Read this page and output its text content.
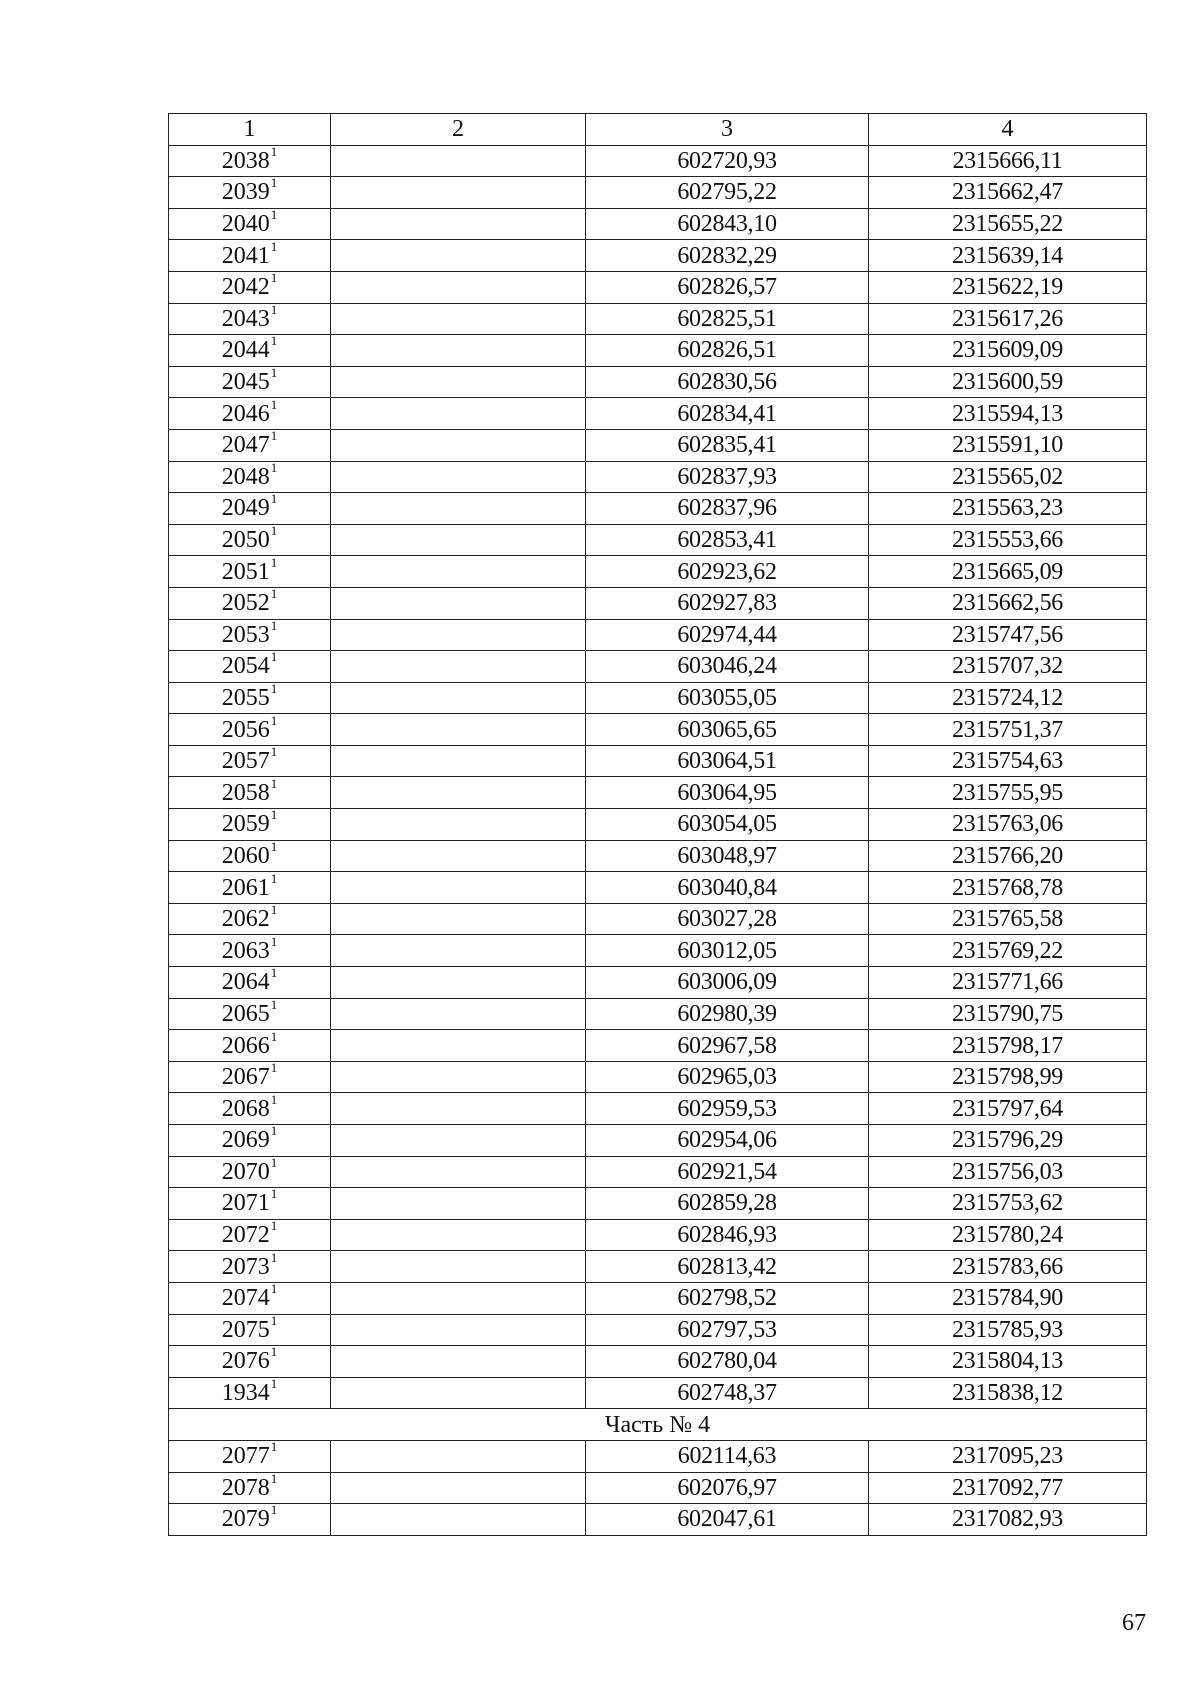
1	2	3	4
2038$^1$		602720,93	2315666,11
2039$^1$		602795,22	2315662,47
2040$^1$		602843,10	2315655,22
2041$^1$		602832,29	2315639,14
2042$^1$		602826,57	2315622,19
2043$^1$		602825,51	2315617,26
2044$^1$		602826,51	2315609,09
2045$^1$		602830,56	2315600,59
2046$^1$		602834,41	2315594,13
2047$^1$		602835,41	2315591,10
2048$^1$		602837,93	2315565,02
2049$^1$		602837,96	2315563,23
2050$^1$		602853,41	2315553,66
2051$^1$		602923,62	2315665,09
2052$^1$		602927,83	2315662,56
2053$^1$		602974,44	2315747,56
2054$^1$		603046,24	2315707,32
2055$^1$		603055,05	2315724,12
2056$^1$		603065,65	2315751,37
2057$^1$		603064,51	2315754,63
2058$^1$		603064,95	2315755,95
2059$^1$		603054,05	2315763,06
2060$^1$		603048,97	2315766,20
2061$^1$		603040,84	2315768,78
2062$^1$		603027,28	2315765,58
2063$^1$		603012,05	2315769,22
2064$^1$		603006,09	2315771,66
2065$^1$		602980,39	2315790,75
2066$^1$		602967,58	2315798,17
2067$^1$		602965,03	2315798,99
2068$^1$		602959,53	2315797,64
2069$^1$		602954,06	2315796,29
2070$^1$		602921,54	2315756,03
2071$^1$		602859,28	2315753,62
2072$^1$		602846,93	2315780,24
2073$^1$		602813,42	2315783,66
2074$^1$		602798,52	2315784,90
2075$^1$		602797,53	2315785,93
2076$^1$		602780,04	2315804,13
1934$^1$		602748,37	2315838,12
Часть № 4			
2077$^1$		602114,63	2317095,23
2078$^1$		602076,97	2317092,77
2079$^1$		602047,61	2317082,93
67
